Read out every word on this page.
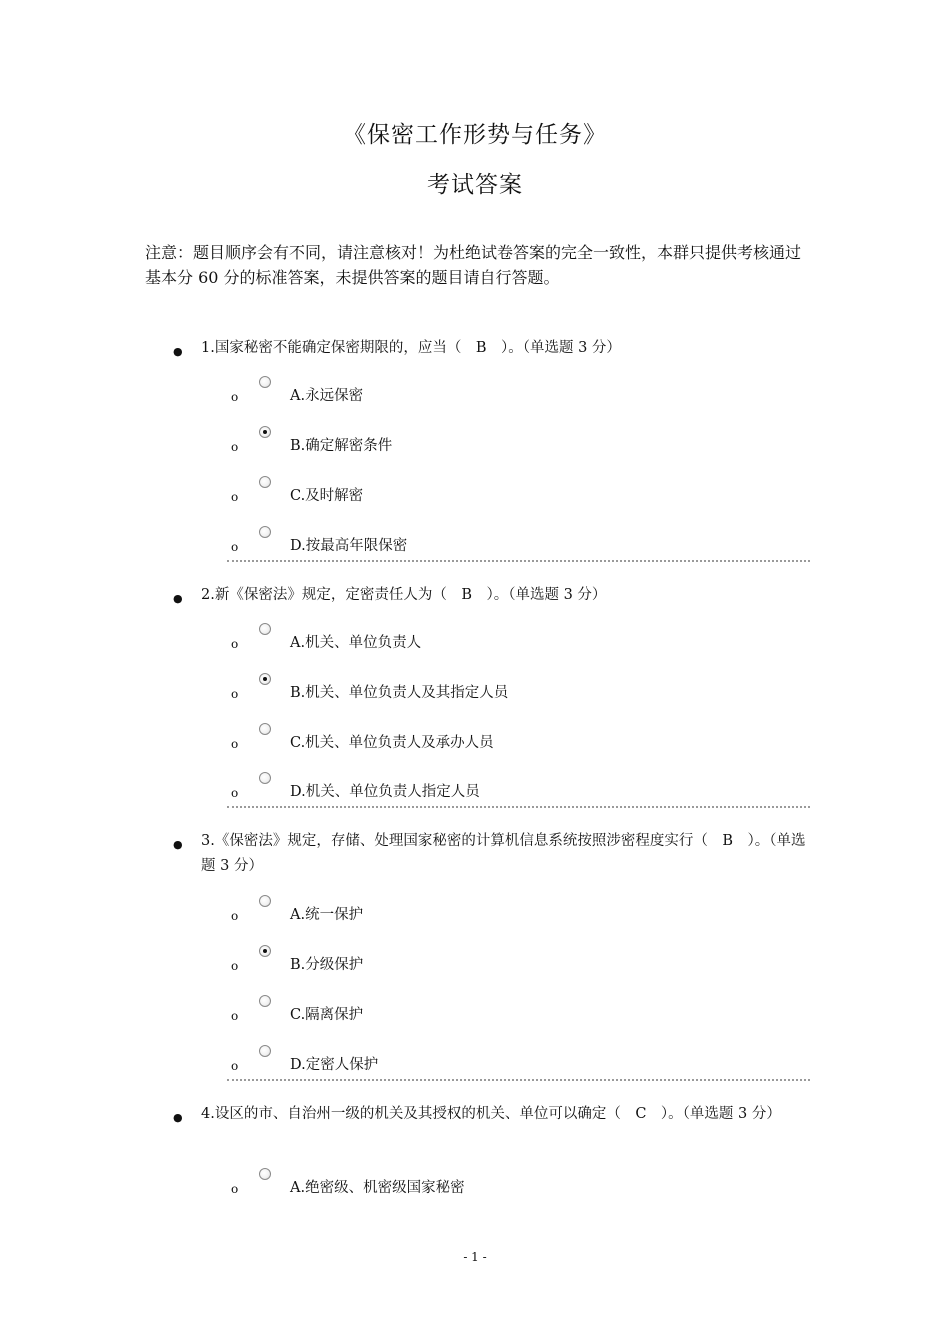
《保密工作形势与任务》
考试答案
注意：题目顺序会有不同，请注意核对！为杜绝试卷答案的完全一致性，本群只提供考核通过基本分 60 分的标准答案，未提供答案的题目请自行答题。
● 1.国家秘密不能确定保密期限的，应当（　B　）。（单选题 3 分）
o	A.永远保密
o	B.确定解密条件
o	C.及时解密
o	D.按最高年限保密
● 2.新《保密法》规定，定密责任人为（　B　）。（单选题 3 分）
o	A.机关、单位负责人
o	B.机关、单位负责人及其指定人员
o	C.机关、单位负责人及承办人员
o	D.机关、单位负责人指定人员
● 3.《保密法》规定，存储、处理国家秘密的计算机信息系统按照涉密程度实行（　B　）。（单选题 3 分）
o	A.统一保护
o	B.分级保护
o	C.隔离保护
o	D.定密人保护
● 4.设区的市、自治州一级的机关及其授权的机关、单位可以确定（　C　）。（单选题 3 分）
o	A.绝密级、机密级国家秘密
- 1 -
